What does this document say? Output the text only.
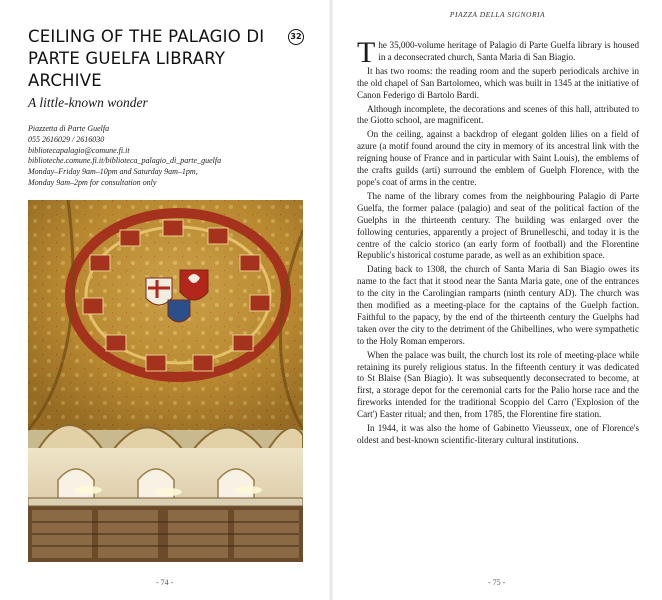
CEILING OF THE PALAGIO DI PARTE GUELFA LIBRARY ARCHIVE
32

A little-known wonder

Piazzetta di Parte Guelfa
055 2616029 / 2616030
bibliotecapalagio@comune.fi.it
biblioteche.comune.fi.it/biblioteca_palagio_di_parte_guelfa
Monday–Friday 9am–10pm and Saturday 9am–1pm,
Monday 9am–2pm for consultation only
- 74 -
PIAZZA DELLA SIGNORIA

The 35,000-volume heritage of Palagio di Parte Guelfa library is housed in a deconsecrated church, Santa Maria di San Biagio.

It has two rooms: the reading room and the superb periodicals archive in the old chapel of San Bartolomeo, which was built in 1345 at the initiative of Canon Federigo di Bartolo Bardi.

Although incomplete, the decorations and scenes of this hall, attributed to the Giotto school, are magnificent.

On the ceiling, against a backdrop of elegant golden lilies on a field of azure (a motif found around the city in memory of its ancestral link with the reigning house of France and in particular with Saint Louis), the emblems of the crafts guilds (arti) surround the emblem of Guelph Florence, with the pope's coat of arms in the centre.

The name of the library comes from the neighbouring Palagio di Parte Guelfa, the former palace (palagio) and seat of the political faction of the Guelphs in the thirteenth century. The building was enlarged over the following centuries, apparently a project of Brunelleschi, and today it is the centre of the calcio storico (an early form of football) and the Florentine Republic's historical costume parade, as well as an exhibition space.

Dating back to 1308, the church of Santa Maria di San Biagio owes its name to the fact that it stood near the Santa Maria gate, one of the entrances to the city in the Carolingian ramparts (ninth century AD). The church was then modified as a meeting-place for the captains of the Guelph faction. Faithful to the papacy, by the end of the thirteenth century the Guelphs had taken over the city to the detriment of the Ghibellines, who were sympathetic to the Holy Roman emperors.

When the palace was built, the church lost its role of meeting-place while retaining its purely religious status. In the fifteenth century it was dedicated to St Blaise (San Biagio). It was subsequently deconsecrated to become, at first, a storage depot for the ceremonial carts for the Palio horse race and the fireworks intended for the traditional Scoppio del Carro ('Explosion of the Cart') Easter ritual; and then, from 1785, the Florentine fire station.

In 1944, it was also the home of Gabinetto Vieusseux, one of Florence's oldest and best-known scientific-literary cultural institutions.

- 75 -
